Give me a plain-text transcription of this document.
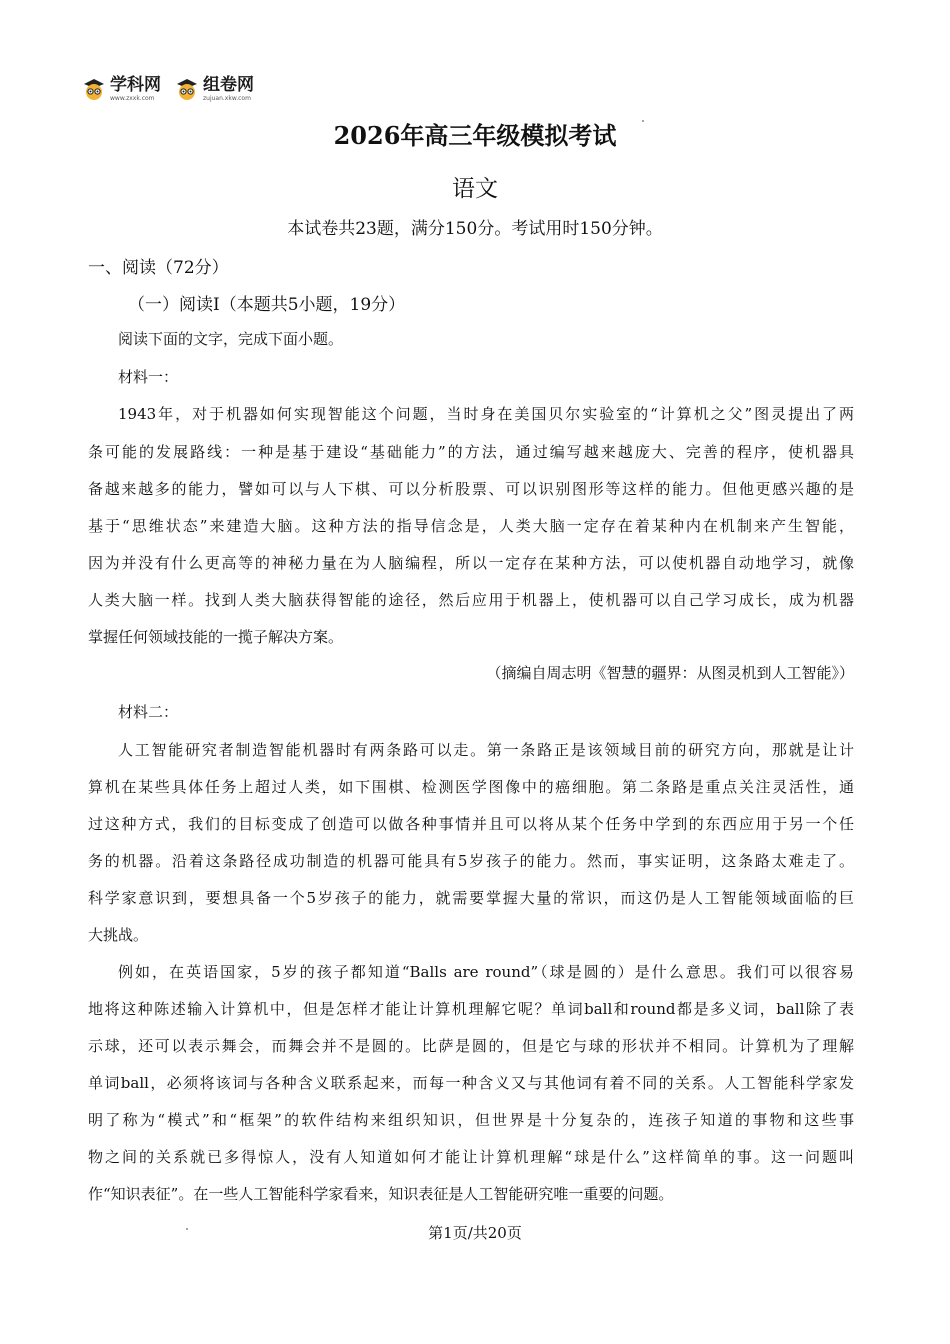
学科网
www.zxxk.com
组卷网
zujuan.xkw.com
2026年高三年级模拟考试
语文
本试卷共23题，满分150分。考试用时150分钟。
一、阅读（72分）
（一）阅读I（本题共5小题，19分）
阅读下面的文字，完成下面小题。
材料一：
1943年，对于机器如何实现智能这个问题，当时身在美国贝尔实验室的“计算机之父”图灵提出了两
条可能的发展路线：一种是基于建设“基础能力”的方法，通过编写越来越庞大、完善的程序，使机器具
备越来越多的能力，譬如可以与人下棋、可以分析股票、可以识别图形等这样的能力。但他更感兴趣的是
基于“思维状态”来建造大脑。这种方法的指导信念是，人类大脑一定存在着某种内在机制来产生智能，
因为并没有什么更高等的神秘力量在为人脑编程，所以一定存在某种方法，可以使机器自动地学习，就像
人类大脑一样。找到人类大脑获得智能的途径，然后应用于机器上，使机器可以自己学习成长，成为机器
掌握任何领域技能的一揽子解决方案。
（摘编自周志明《智慧的疆界：从图灵机到人工智能》）
材料二：
人工智能研究者制造智能机器时有两条路可以走。第一条路正是该领域目前的研究方向，那就是让计
算机在某些具体任务上超过人类，如下围棋、检测医学图像中的癌细胞。第二条路是重点关注灵活性，通
过这种方式，我们的目标变成了创造可以做各种事情并且可以将从某个任务中学到的东西应用于另一个任
务的机器。沿着这条路径成功制造的机器可能具有5岁孩子的能力。然而，事实证明，这条路太难走了。
科学家意识到，要想具备一个5岁孩子的能力，就需要掌握大量的常识，而这仍是人工智能领域面临的巨
大挑战。
例如，在英语国家，5岁的孩子都知道“Balls are round”（球是圆的）是什么意思。我们可以很容易
地将这种陈述输入计算机中，但是怎样才能让计算机理解它呢？单词ball和round都是多义词，ball除了表
示球，还可以表示舞会，而舞会并不是圆的。比萨是圆的，但是它与球的形状并不相同。计算机为了理解
单词ball，必须将该词与各种含义联系起来，而每一种含义又与其他词有着不同的关系。人工智能科学家发
明了称为“模式”和“框架”的软件结构来组织知识，但世界是十分复杂的，连孩子知道的事物和这些事
物之间的关系就已多得惊人，没有人知道如何才能让计算机理解“球是什么”这样简单的事。这一问题叫
作“知识表征”。在一些人工智能科学家看来，知识表征是人工智能研究唯一重要的问题。
第1页/共20页
